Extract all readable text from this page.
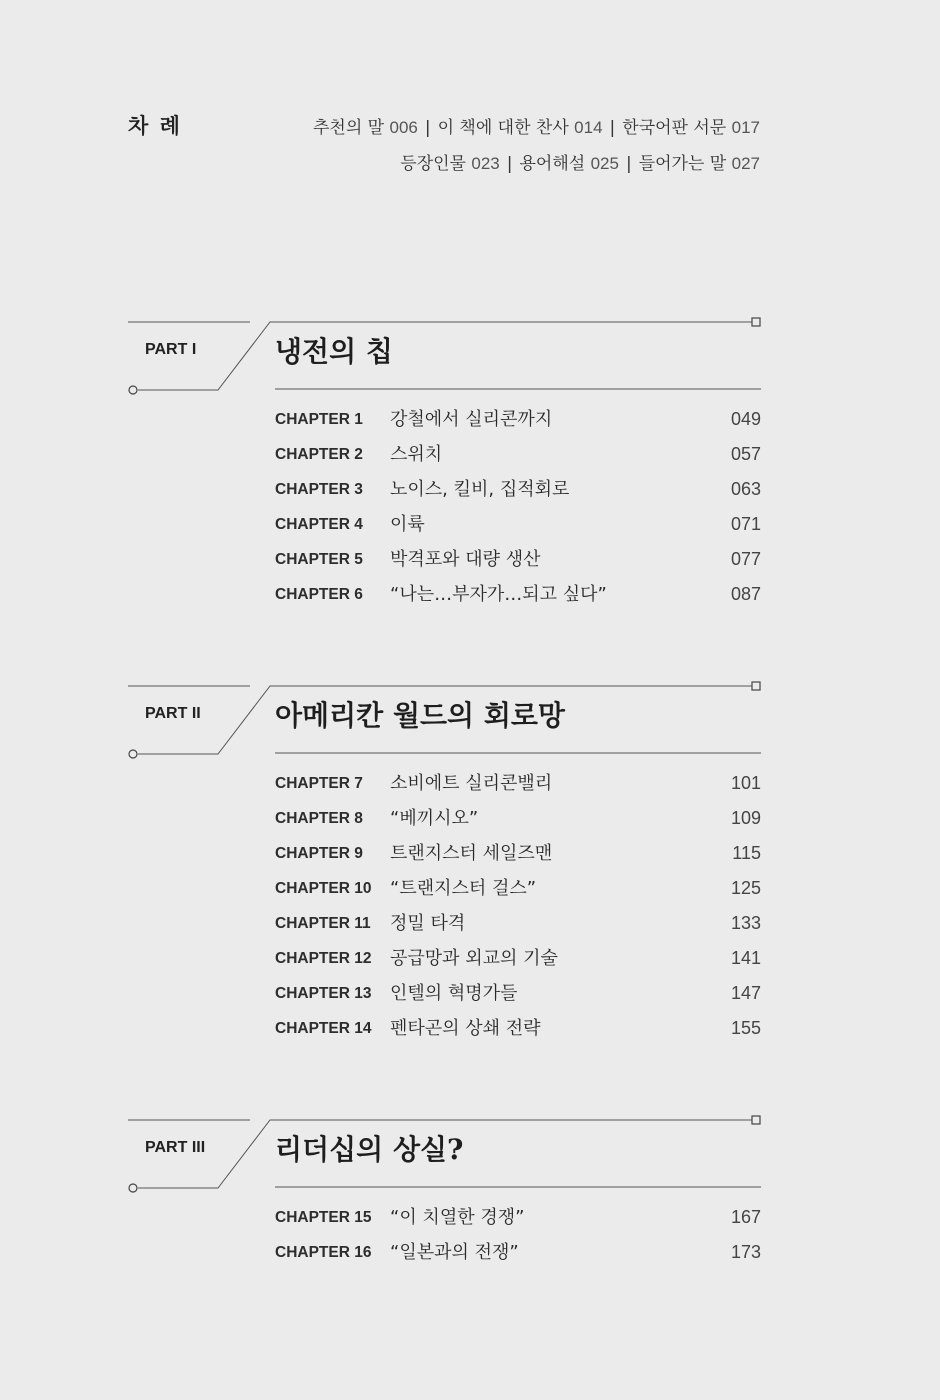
차 례	추천의 말 006 | 이 책에 대한 찬사 014 | 한국어판 서문 017
등장인물 023 | 용어해설 025 | 들어가는 말 027
PART I	냉전의 칩
CHAPTER 1 강철에서 실리콘까지	049
CHAPTER 2 스위치	057
CHAPTER 3 노이스, 킬비, 집적회로	063
CHAPTER 4 이륙	071
CHAPTER 5 박격포와 대량 생산	077
CHAPTER 6 “나는…부자가…되고 싶다”	087
PART II	아메리칸 월드의 회로망
CHAPTER 7 소비에트 실리콘밸리	101
CHAPTER 8 “베끼시오”	109
CHAPTER 9 트랜지스터 세일즈맨	115
CHAPTER 10 “트랜지스터 걸스”	125
CHAPTER 11 정밀 타격	133
CHAPTER 12 공급망과 외교의 기술	141
CHAPTER 13 인텔의 혁명가들	147
CHAPTER 14 펜타곤의 상쇄 전략	155
PART III 리더십의 상실?
CHAPTER 15 “이 치열한 경쟁”	167
CHAPTER 16 “일본과의 전쟁”	173
